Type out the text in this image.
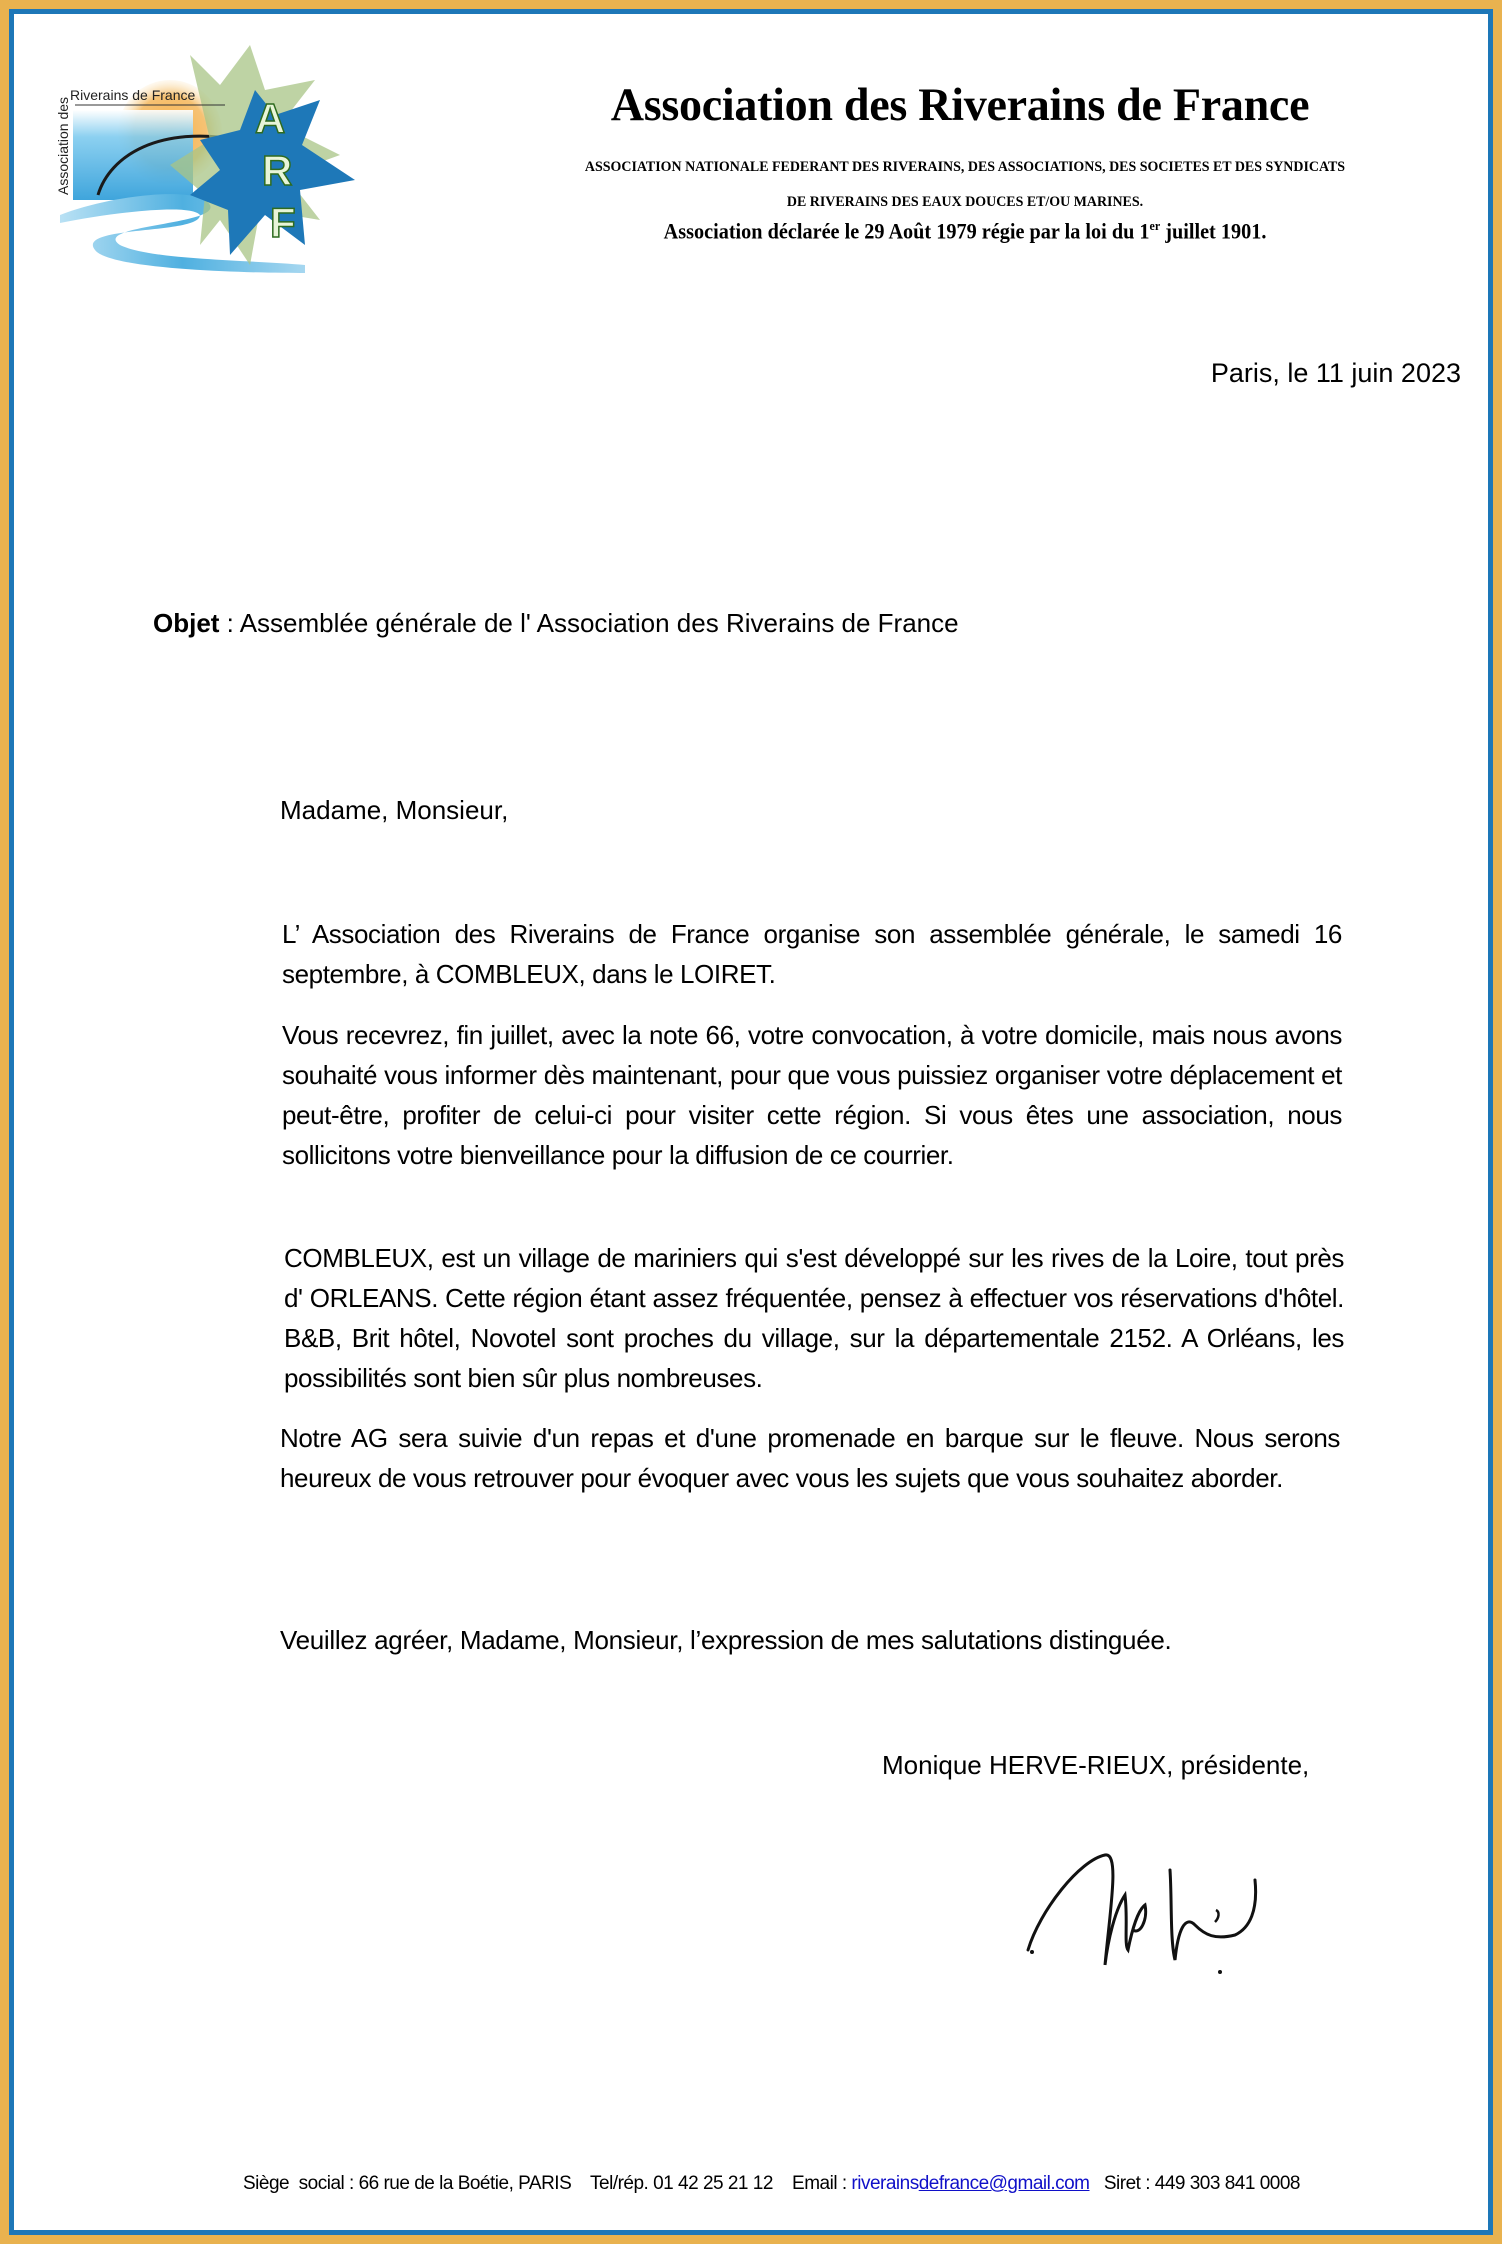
A
R
F
Riverains de France
Association des	Association des Riverains de France
ASSOCIATION NATIONALE FEDERANT DES RIVERAINS, DES ASSOCIATIONS, DES SOCIETES ET DES SYNDICATS
DE RIVERAINS DES EAUX DOUCES ET/OU MARINES.
Association déclarée le 29 Août 1979 régie par la loi du 1er juillet 1901.
Paris, le 11 juin 2023
Objet : Assemblée générale de l' Association des Riverains de France
Madame, Monsieur,
L’ Association des Riverains de France organise son assemblée générale, le samedi 16 septembre, à COMBLEUX, dans le LOIRET.
Vous recevrez, fin juillet, avec la note 66, votre convocation, à votre domicile, mais nous avons souhaité vous informer dès maintenant, pour que vous puissiez organiser votre déplacement et peut-être, profiter de celui-ci pour visiter cette région. Si vous êtes une association, nous sollicitons votre bienveillance pour la diffusion de ce courrier.
COMBLEUX, est un village de mariniers qui s'est développé sur les rives de la Loire, tout près d' ORLEANS. Cette région étant assez fréquentée, pensez à effectuer vos réservations d'hôtel. B&B, Brit hôtel, Novotel sont proches du village, sur la départementale 2152. A Orléans, les possibilités sont bien sûr plus nombreuses.
Notre AG sera suivie d'un repas et d'une promenade en barque sur le fleuve. Nous serons heureux de vous retrouver pour évoquer avec vous les sujets que vous souhaitez aborder.
Veuillez agréer, Madame, Monsieur, l’expression de mes salutations distinguée.
Monique HERVE-RIEUX, présidente,
Siège  social : 66 rue de la Boétie, PARIS Tel/rép. 01 42 25 21 12 Email : riverainsdefrance@gmail.com Siret : 449 303 841 0008
